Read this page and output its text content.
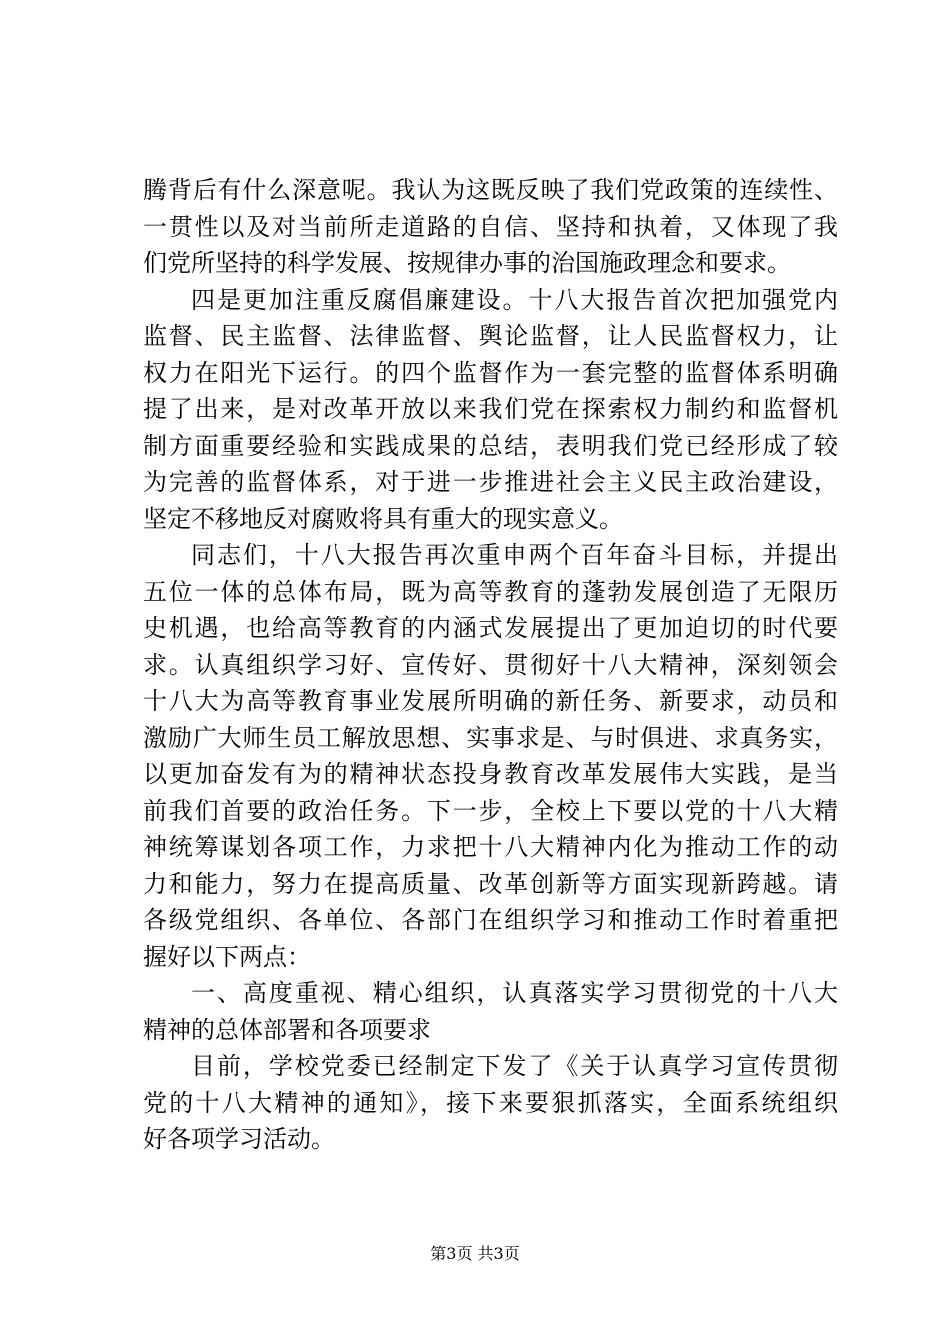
腾背后有什么深意呢。我认为这既反映了我们党政策的连续性、
一贯性以及对当前所走道路的自信、坚持和执着，又体现了我
们党所坚持的科学发展、按规律办事的治国施政理念和要求。
四是更加注重反腐倡廉建设。十八大报告首次把加强党内
监督、民主监督、法律监督、舆论监督，让人民监督权力，让
权力在阳光下运行。的四个监督作为一套完整的监督体系明确
提了出来，是对改革开放以来我们党在探索权力制约和监督机
制方面重要经验和实践成果的总结，表明我们党已经形成了较
为完善的监督体系，对于进一步推进社会主义民主政治建设，
坚定不移地反对腐败将具有重大的现实意义。
同志们，十八大报告再次重申两个百年奋斗目标，并提出
五位一体的总体布局，既为高等教育的蓬勃发展创造了无限历
史机遇，也给高等教育的内涵式发展提出了更加迫切的时代要
求。认真组织学习好、宣传好、贯彻好十八大精神，深刻领会
十八大为高等教育事业发展所明确的新任务、新要求，动员和
激励广大师生员工解放思想、实事求是、与时俱进、求真务实，
以更加奋发有为的精神状态投身教育改革发展伟大实践，是当
前我们首要的政治任务。下一步，全校上下要以党的十八大精
神统筹谋划各项工作，力求把十八大精神内化为推动工作的动
力和能力，努力在提高质量、改革创新等方面实现新跨越。请
各级党组织、各单位、各部门在组织学习和推动工作时着重把
握好以下两点：
一、高度重视、精心组织，认真落实学习贯彻党的十八大
精神的总体部署和各项要求
目前，学校党委已经制定下发了《关于认真学习宣传贯彻
党的十八大精神的通知》，接下来要狠抓落实，全面系统组织
好各项学习活动。
第3页 共3页
